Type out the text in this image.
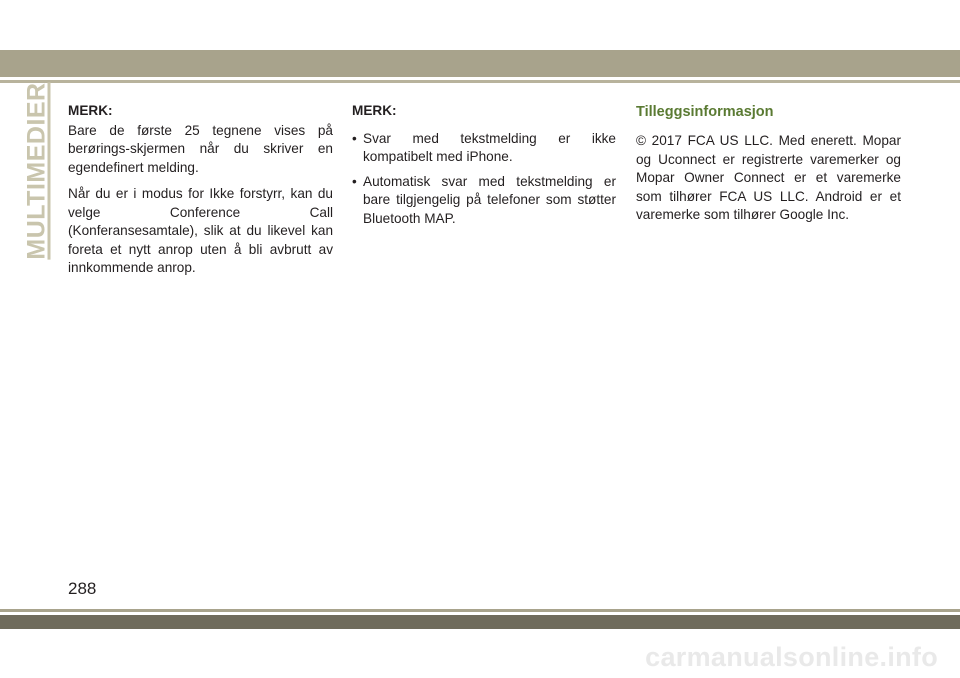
MULTIMEDIER MERK:

Bare de første 25 tegnene vises på berørings-skjermen når du skriver en egendefinert melding.

Når du er i modus for Ikke forstyrr, kan du velge Conference Call (Konferansesamtale), slik at du likevel kan foreta et nytt anrop uten å bli avbrutt av innkommende anrop.

MERK:
• Svar med tekstmelding er ikke kompatibelt med iPhone.
• Automatisk svar med tekstmelding er bare tilgjengelig på telefoner som støtter Bluetooth MAP.
Tilleggsinformasjon

© 2017 FCA US LLC. Med enerett. Mopar og Uconnect er registrerte varemerker og Mopar Owner Connect er et varemerke som tilhører FCA US LLC. Android er et varemerke som tilhører Google Inc.

288
carmanualsonline.info
